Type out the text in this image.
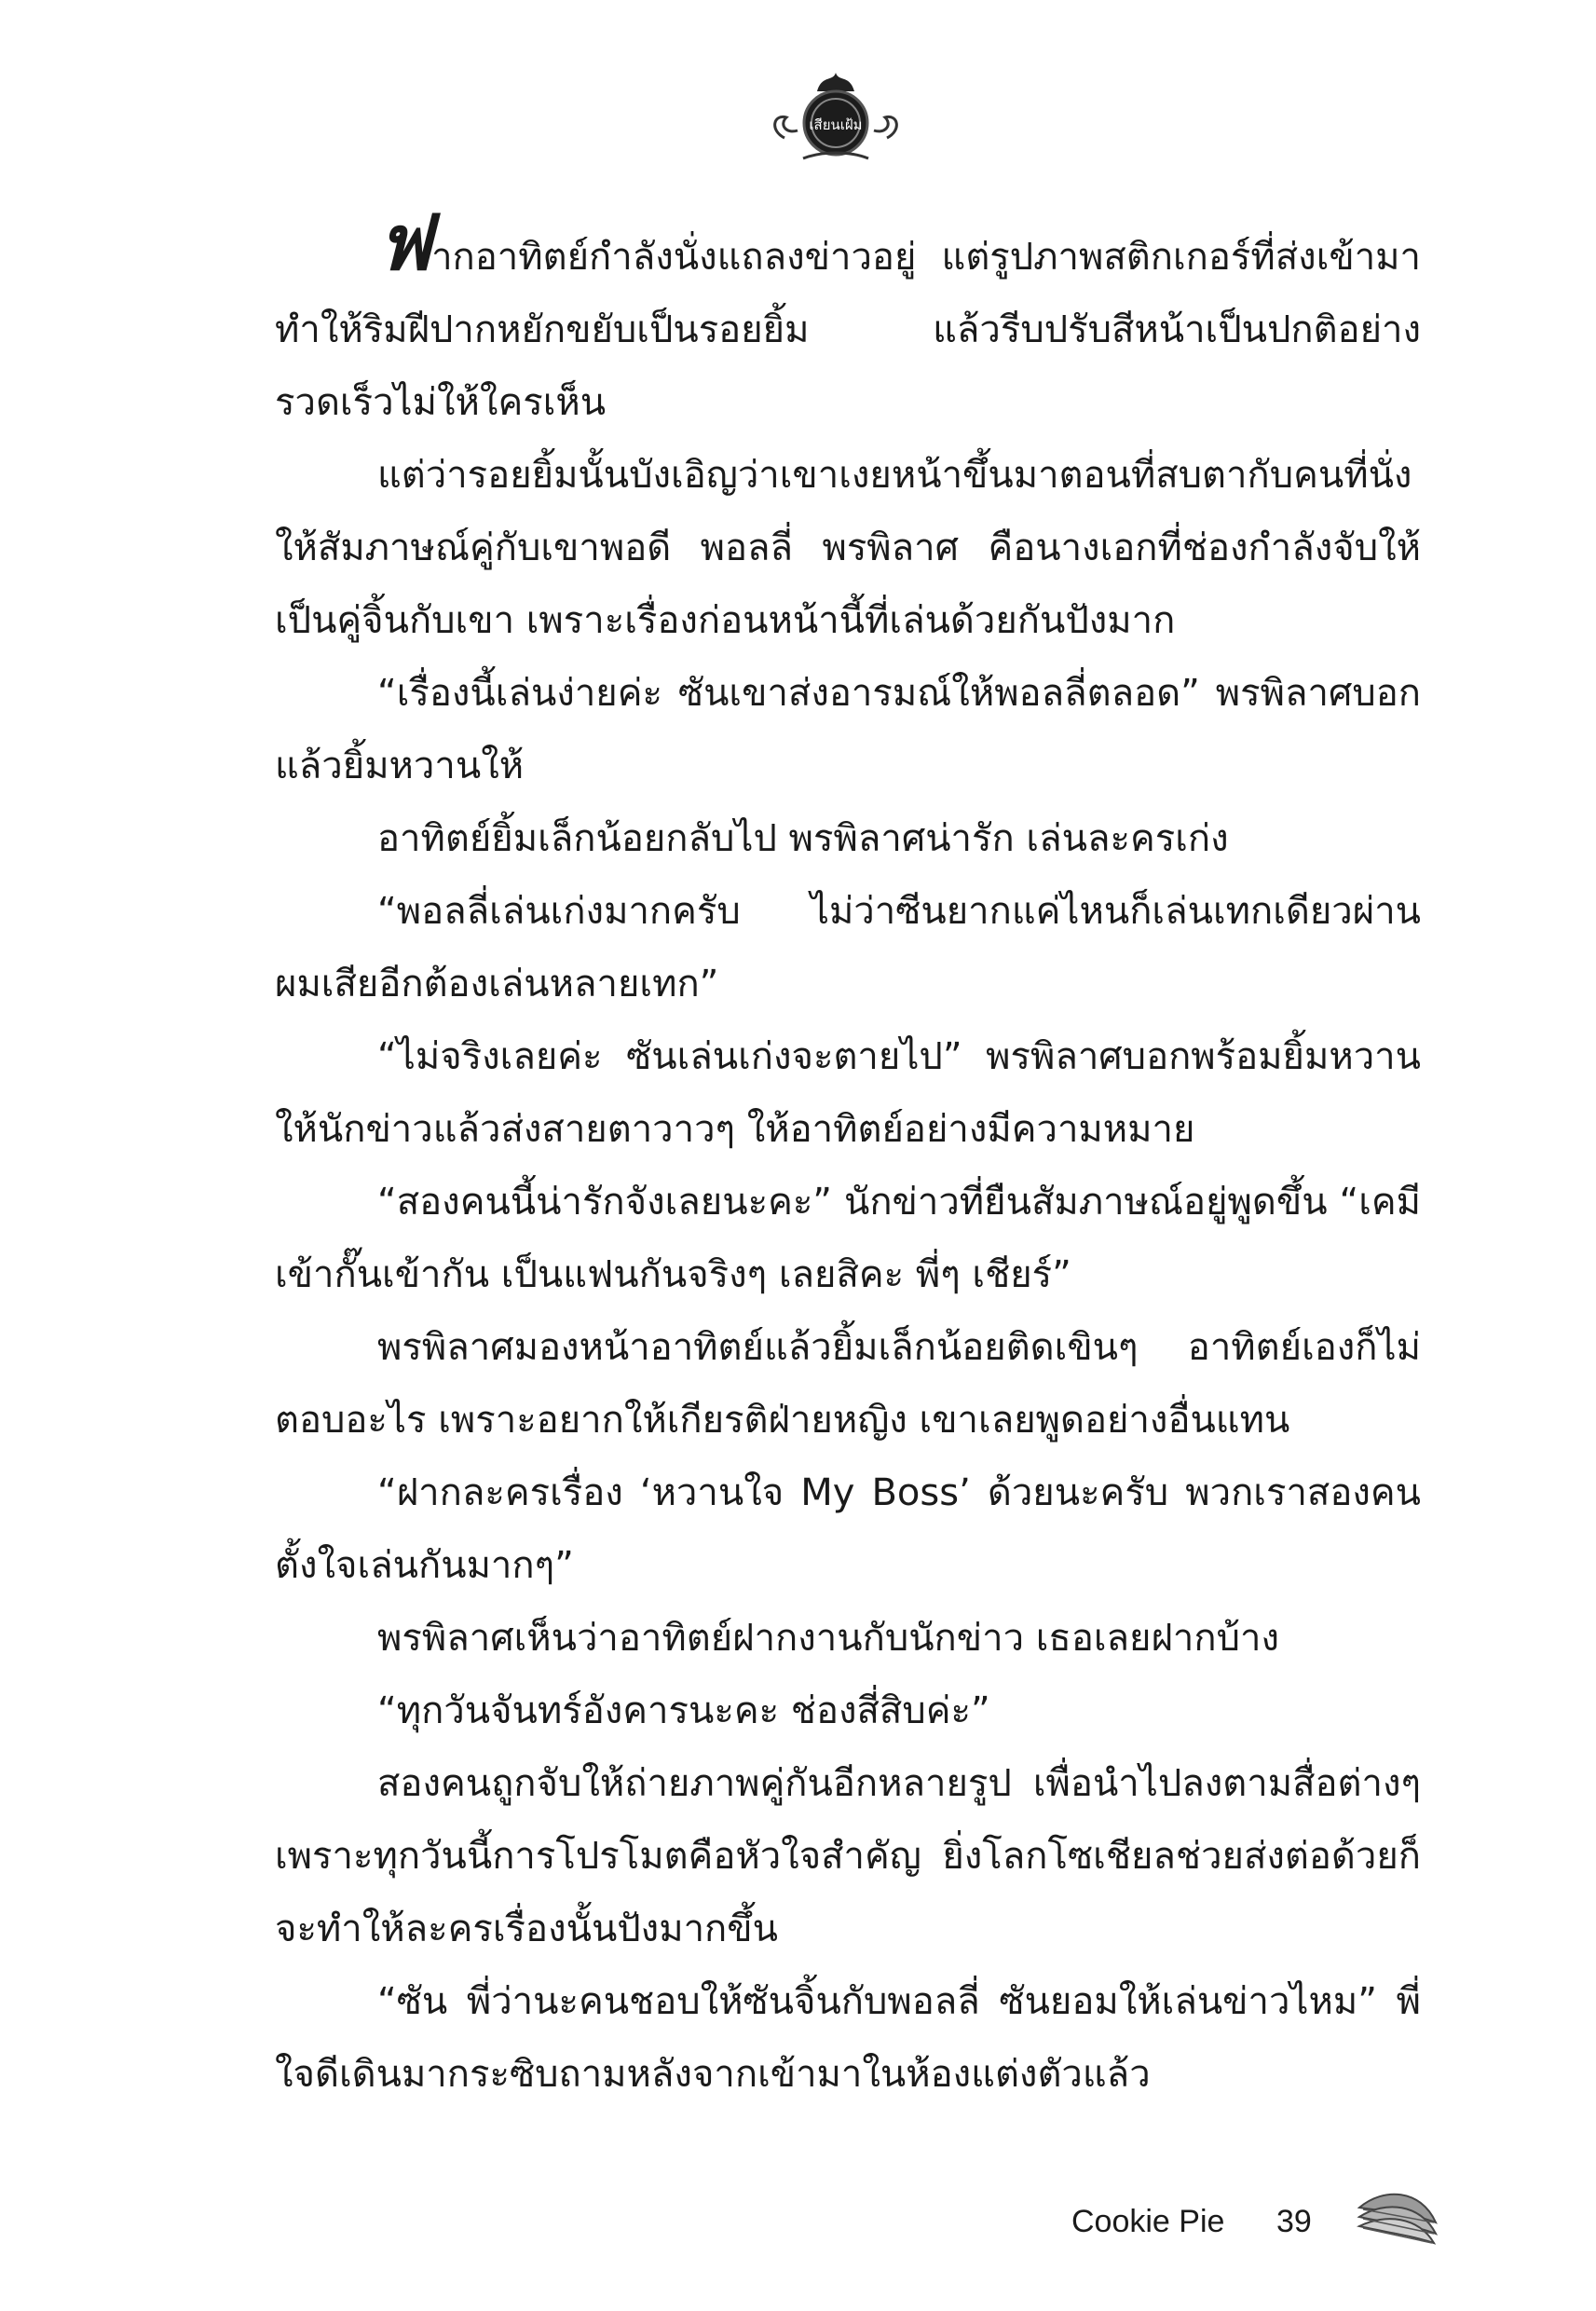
เสียนเฝ้ม

ฟากอาทิตย์กำลังนั่งแถลงข่าวอยู่ แต่รูปภาพสติกเกอร์ที่ส่งเข้ามาทำให้ริมฝีปากหยักขยับเป็นรอยยิ้ม แล้วรีบปรับสีหน้าเป็นปกติอย่างรวดเร็วไม่ให้ใครเห็น

แต่ว่ารอยยิ้มนั้นบังเอิญว่าเขาเงยหน้าขึ้นมาตอนที่สบตากับคนที่นั่งให้สัมภาษณ์คู่กับเขาพอดี พอลลี่ พรพิลาศ คือนางเอกที่ช่องกำลังจับให้เป็นคู่จิ้นกับเขา เพราะเรื่องก่อนหน้านี้ที่เล่นด้วยกันปังมาก

“เรื่องนี้เล่นง่ายค่ะ ซันเขาส่งอารมณ์ให้พอลลี่ตลอด” พรพิลาศบอกแล้วยิ้มหวานให้

อาทิตย์ยิ้มเล็กน้อยกลับไป พรพิลาศน่ารัก เล่นละครเก่ง

“พอลลี่เล่นเก่งมากครับ ไม่ว่าซีนยากแค่ไหนก็เล่นเทกเดียวผ่าน ผมเสียอีกต้องเล่นหลายเทก”

“ไม่จริงเลยค่ะ ซันเล่นเก่งจะตายไป” พรพิลาศบอกพร้อมยิ้มหวานให้นักข่าวแล้วส่งสายตาวาวๆ ให้อาทิตย์อย่างมีความหมาย

“สองคนนี้น่ารักจังเลยนะคะ” นักข่าวที่ยืนสัมภาษณ์อยู่พูดขึ้น “เคมีเข้ากั๊นเข้ากัน เป็นแฟนกันจริงๆ เลยสิคะ พี่ๆ เชียร์”

พรพิลาศมองหน้าอาทิตย์แล้วยิ้มเล็กน้อยติดเขินๆ อาทิตย์เองก็ไม่ตอบอะไร เพราะอยากให้เกียรติฝ่ายหญิง เขาเลยพูดอย่างอื่นแทน

“ฝากละครเรื่อง ‘หวานใจ My Boss’ ด้วยนะครับ พวกเราสองคนตั้งใจเล่นกันมากๆ”

พรพิลาศเห็นว่าอาทิตย์ฝากงานกับนักข่าว เธอเลยฝากบ้าง

“ทุกวันจันทร์อังคารนะคะ ช่องสี่สิบค่ะ”

สองคนถูกจับให้ถ่ายภาพคู่กันอีกหลายรูป เพื่อนำไปลงตามสื่อต่างๆ เพราะทุกวันนี้การโปรโมตคือหัวใจสำคัญ ยิ่งโลกโซเชียลช่วยส่งต่อด้วยก็จะทำให้ละครเรื่องนั้นปังมากขึ้น

“ซัน พี่ว่านะคนชอบให้ซันจิ้นกับพอลลี่ ซันยอมให้เล่นข่าวไหม” พี่ใจดีเดินมากระซิบถามหลังจากเข้ามาในห้องแต่งตัวแล้ว

Cookie Pie 39
